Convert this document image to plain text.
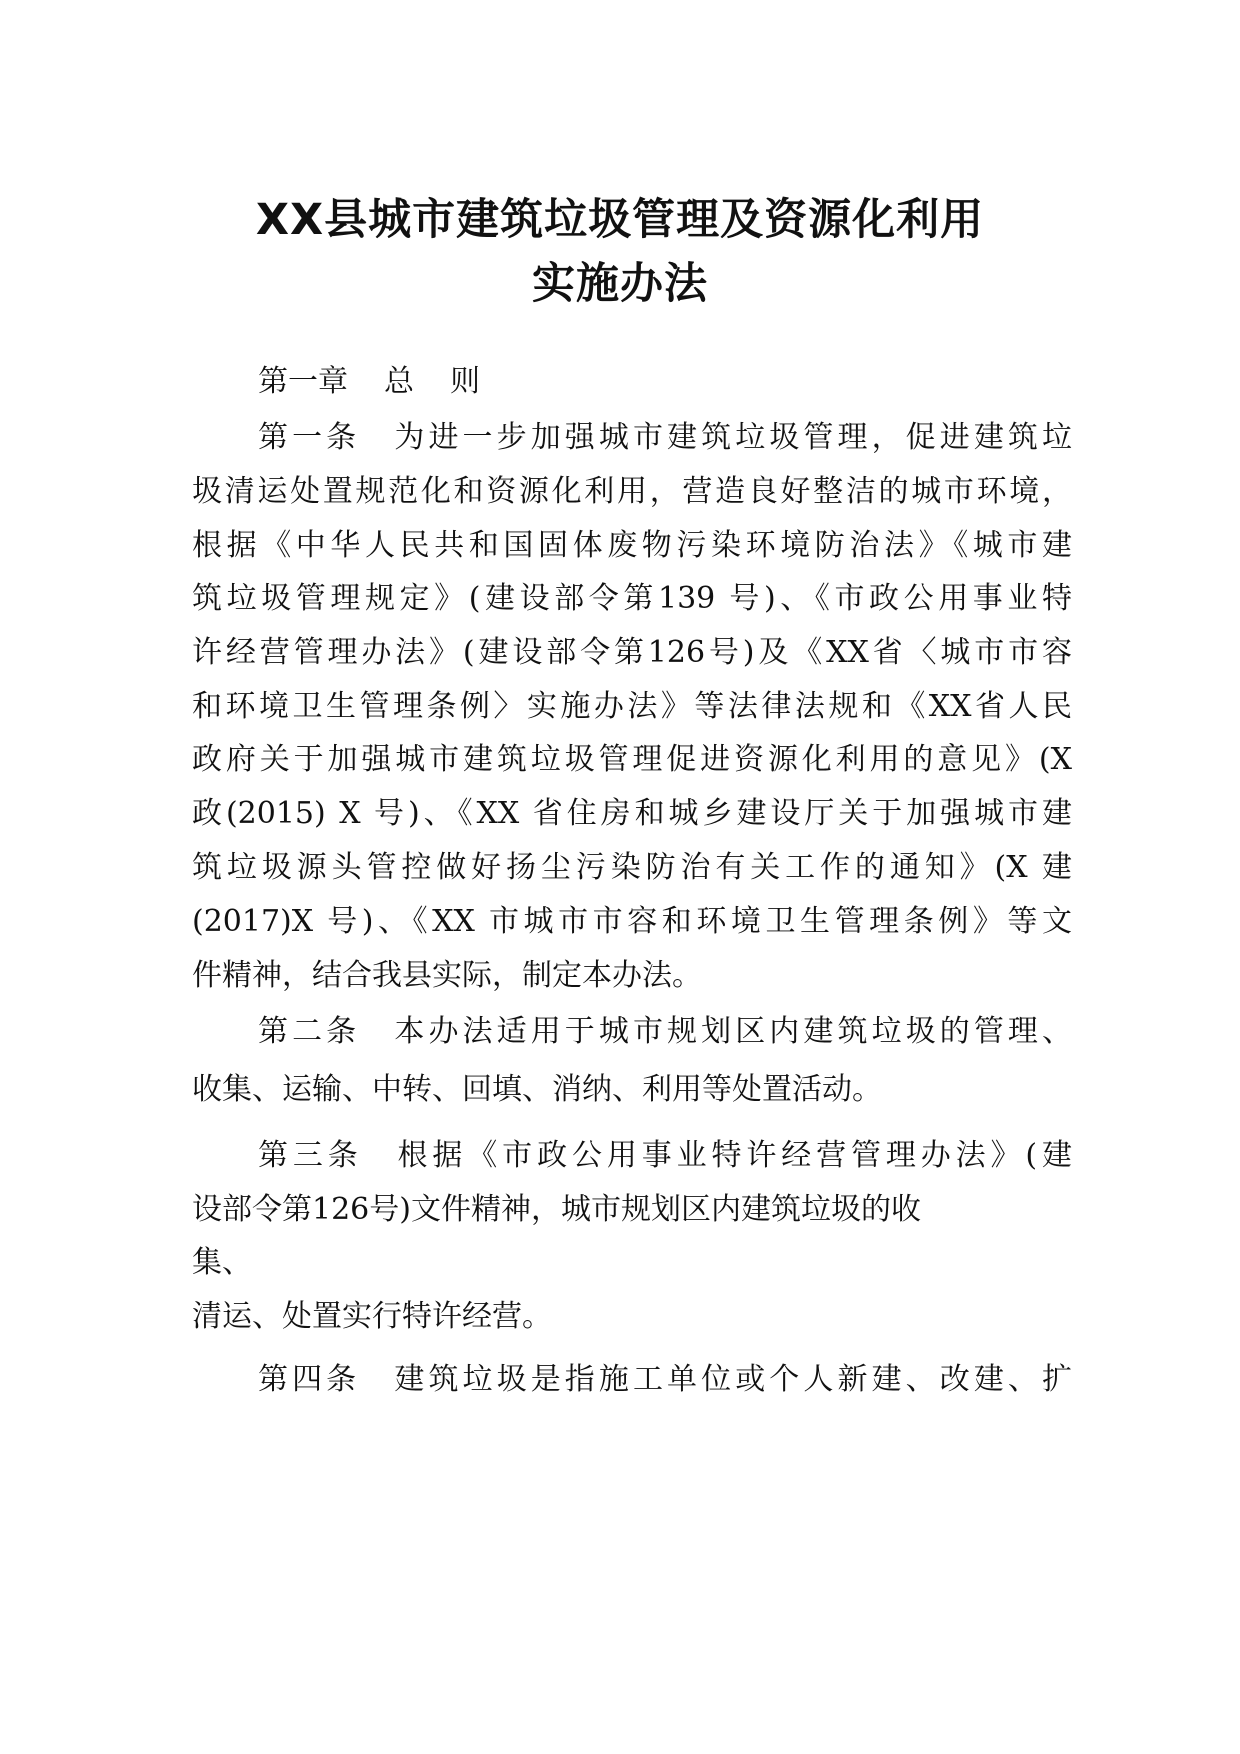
XX县城市建筑垃圾管理及资源化利用
实施办法
第一章 总 则
第一条 为进一步加强城市建筑垃圾管理，促进建筑垃
圾清运处置规范化和资源化利用，营造良好整洁的城市环境，
根据《中华人民共和国固体废物污染环境防治法》《城市建
筑垃圾管理规定》(建设部令第139 号)、《市政公用事业特
许经营管理办法》(建设部令第126号)及《XX省〈城市市容
和环境卫生管理条例〉实施办法》等法律法规和《XX省人民
政府关于加强城市建筑垃圾管理促进资源化利用的意见》(X
政(2015) X 号)、《XX 省住房和城乡建设厅关于加强城市建
筑垃圾源头管控做好扬尘污染防治有关工作的通知》(X 建
(2017)X 号)、《XX 市城市市容和环境卫生管理条例》等文
件精神，结合我县实际，制定本办法。
第二条 本办法适用于城市规划区内建筑垃圾的管理、
收集、运输、中转、回填、消纳、利用等处置活动。
第三条 根据《市政公用事业特许经营管理办法》(建
设部令第126号)文件精神，城市规划区内建筑垃圾的收
集、
清运、处置实行特许经营。
第四条 建筑垃圾是指施工单位或个人新建、改建、扩
